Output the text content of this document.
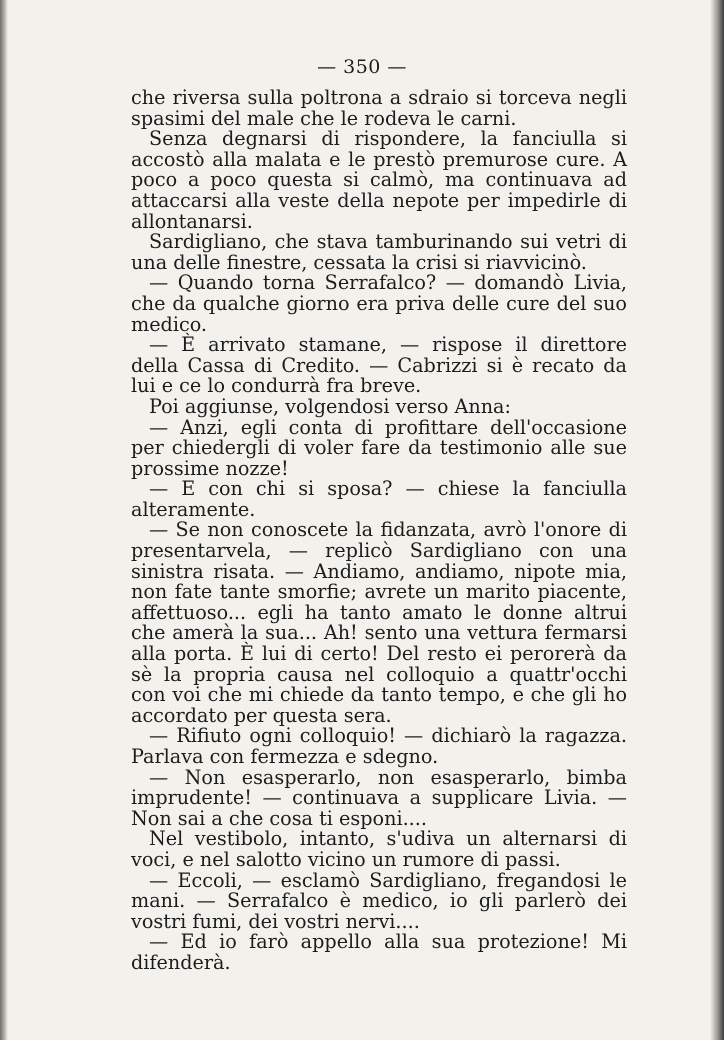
— 350 —

che riversa sulla poltrona a sdraio si torceva negli spasimi del male che le rodeva le carni.

Senza degnarsi di rispondere, la fanciulla si accostò alla malata e le prestò premurose cure. A poco a poco questa si calmò, ma continuava ad attaccarsi alla veste della nepote per impedirle di allontanarsi.

Sardigliano, che stava tamburinando sui vetri di una delle finestre, cessata la crisi si riavvicinò.

— Quando torna Serrafalco? — domandò Livia, che da qualche giorno era priva delle cure del suo medico.

— È arrivato stamane, — rispose il direttore della Cassa di Credito. — Cabrizzi si è recato da lui e ce lo condurrà fra breve.

Poi aggiunse, volgendosi verso Anna:

— Anzi, egli conta di profittare dell'occasione per chiedergli di voler fare da testimonio alle sue prossime nozze!

— E con chi si sposa? — chiese la fanciulla alteramente.

— Se non conoscete la fidanzata, avrò l'onore di presentarvela, — replicò Sardigliano con una sinistra risata. — Andiamo, andiamo, nipote mia, non fate tante smorfie; avrete un marito piacente, affettuoso... egli ha tanto amato le donne altrui che amerà la sua... Ah! sento una vettura fermarsi alla porta. È lui di certo! Del resto ei perorerà da sè la propria causa nel colloquio a quattr'occhi con voi che mi chiede da tanto tempo, e che gli ho accordato per questa sera.

— Rifiuto ogni colloquio! — dichiarò la ragazza. Parlava con fermezza e sdegno.

— Non esasperarlo, non esasperarlo, bimba imprudente! — continuava a supplicare Livia. — Non sai a che cosa ti esponi....

Nel vestibolo, intanto, s'udiva un alternarsi di voci, e nel salotto vicino un rumore di passi.

— Eccoli, — esclamò Sardigliano, fregandosi le mani. — Serrafalco è medico, io gli parlerò dei vostri fumi, dei vostri nervi....

— Ed io farò appello alla sua protezione! Mi difenderà.
